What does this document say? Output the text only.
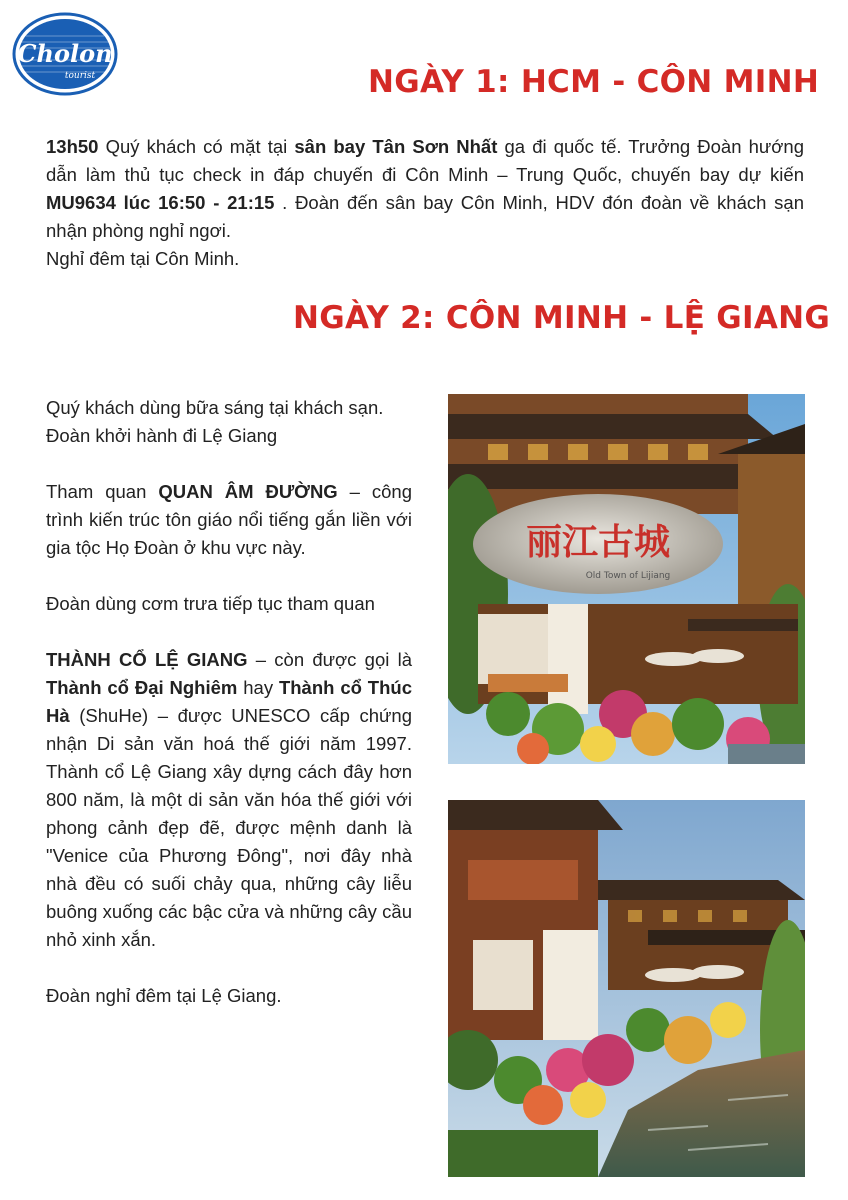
Cholon
tourist	NGÀY 1: HCM - CÔN MINH

13h50 Quý khách có mặt tại sân bay Tân Sơn Nhất ga đi quốc tế. Trưởng Đoàn hướng dẫn làm thủ tục check in đáp chuyến đi Côn Minh – Trung Quốc, chuyến bay dự kiến MU9634 lúc 16:50 - 21:15 . Đoàn đến sân bay Côn Minh, HDV đón đoàn về khách sạn nhận phòng nghỉ ngơi.
Nghỉ đêm tại Côn Minh.

NGÀY 2: CÔN MINH - LỆ GIANG

Quý khách dùng bữa sáng tại khách sạn.
Đoàn khởi hành đi Lệ Giang

Tham quan QUAN ÂM ĐƯỜNG – công trình kiến trúc tôn giáo nổi tiếng gắn liền với gia tộc Họ Đoàn ở khu vực này.

Đoàn dùng cơm trưa tiếp tục tham quan

THÀNH CỔ LỆ GIANG – còn được gọi là Thành cổ Đại Nghiêm hay Thành cổ Thúc Hà (ShuHe) – được UNESCO cấp chứng nhận Di sản văn hoá thế giới năm 1997. Thành cổ Lệ Giang xây dựng cách đây hơn 800 năm, là một di sản văn hóa thế giới với phong cảnh đẹp đẽ, được mệnh danh là "Venice của Phương Đông", nơi đây nhà nhà đều có suối chảy qua, những cây liễu buông xuống các bậc cửa và những cây cầu nhỏ xinh xắn.

Đoàn nghỉ đêm tại Lệ Giang.

丽江古城
Old Town of Lijiang
